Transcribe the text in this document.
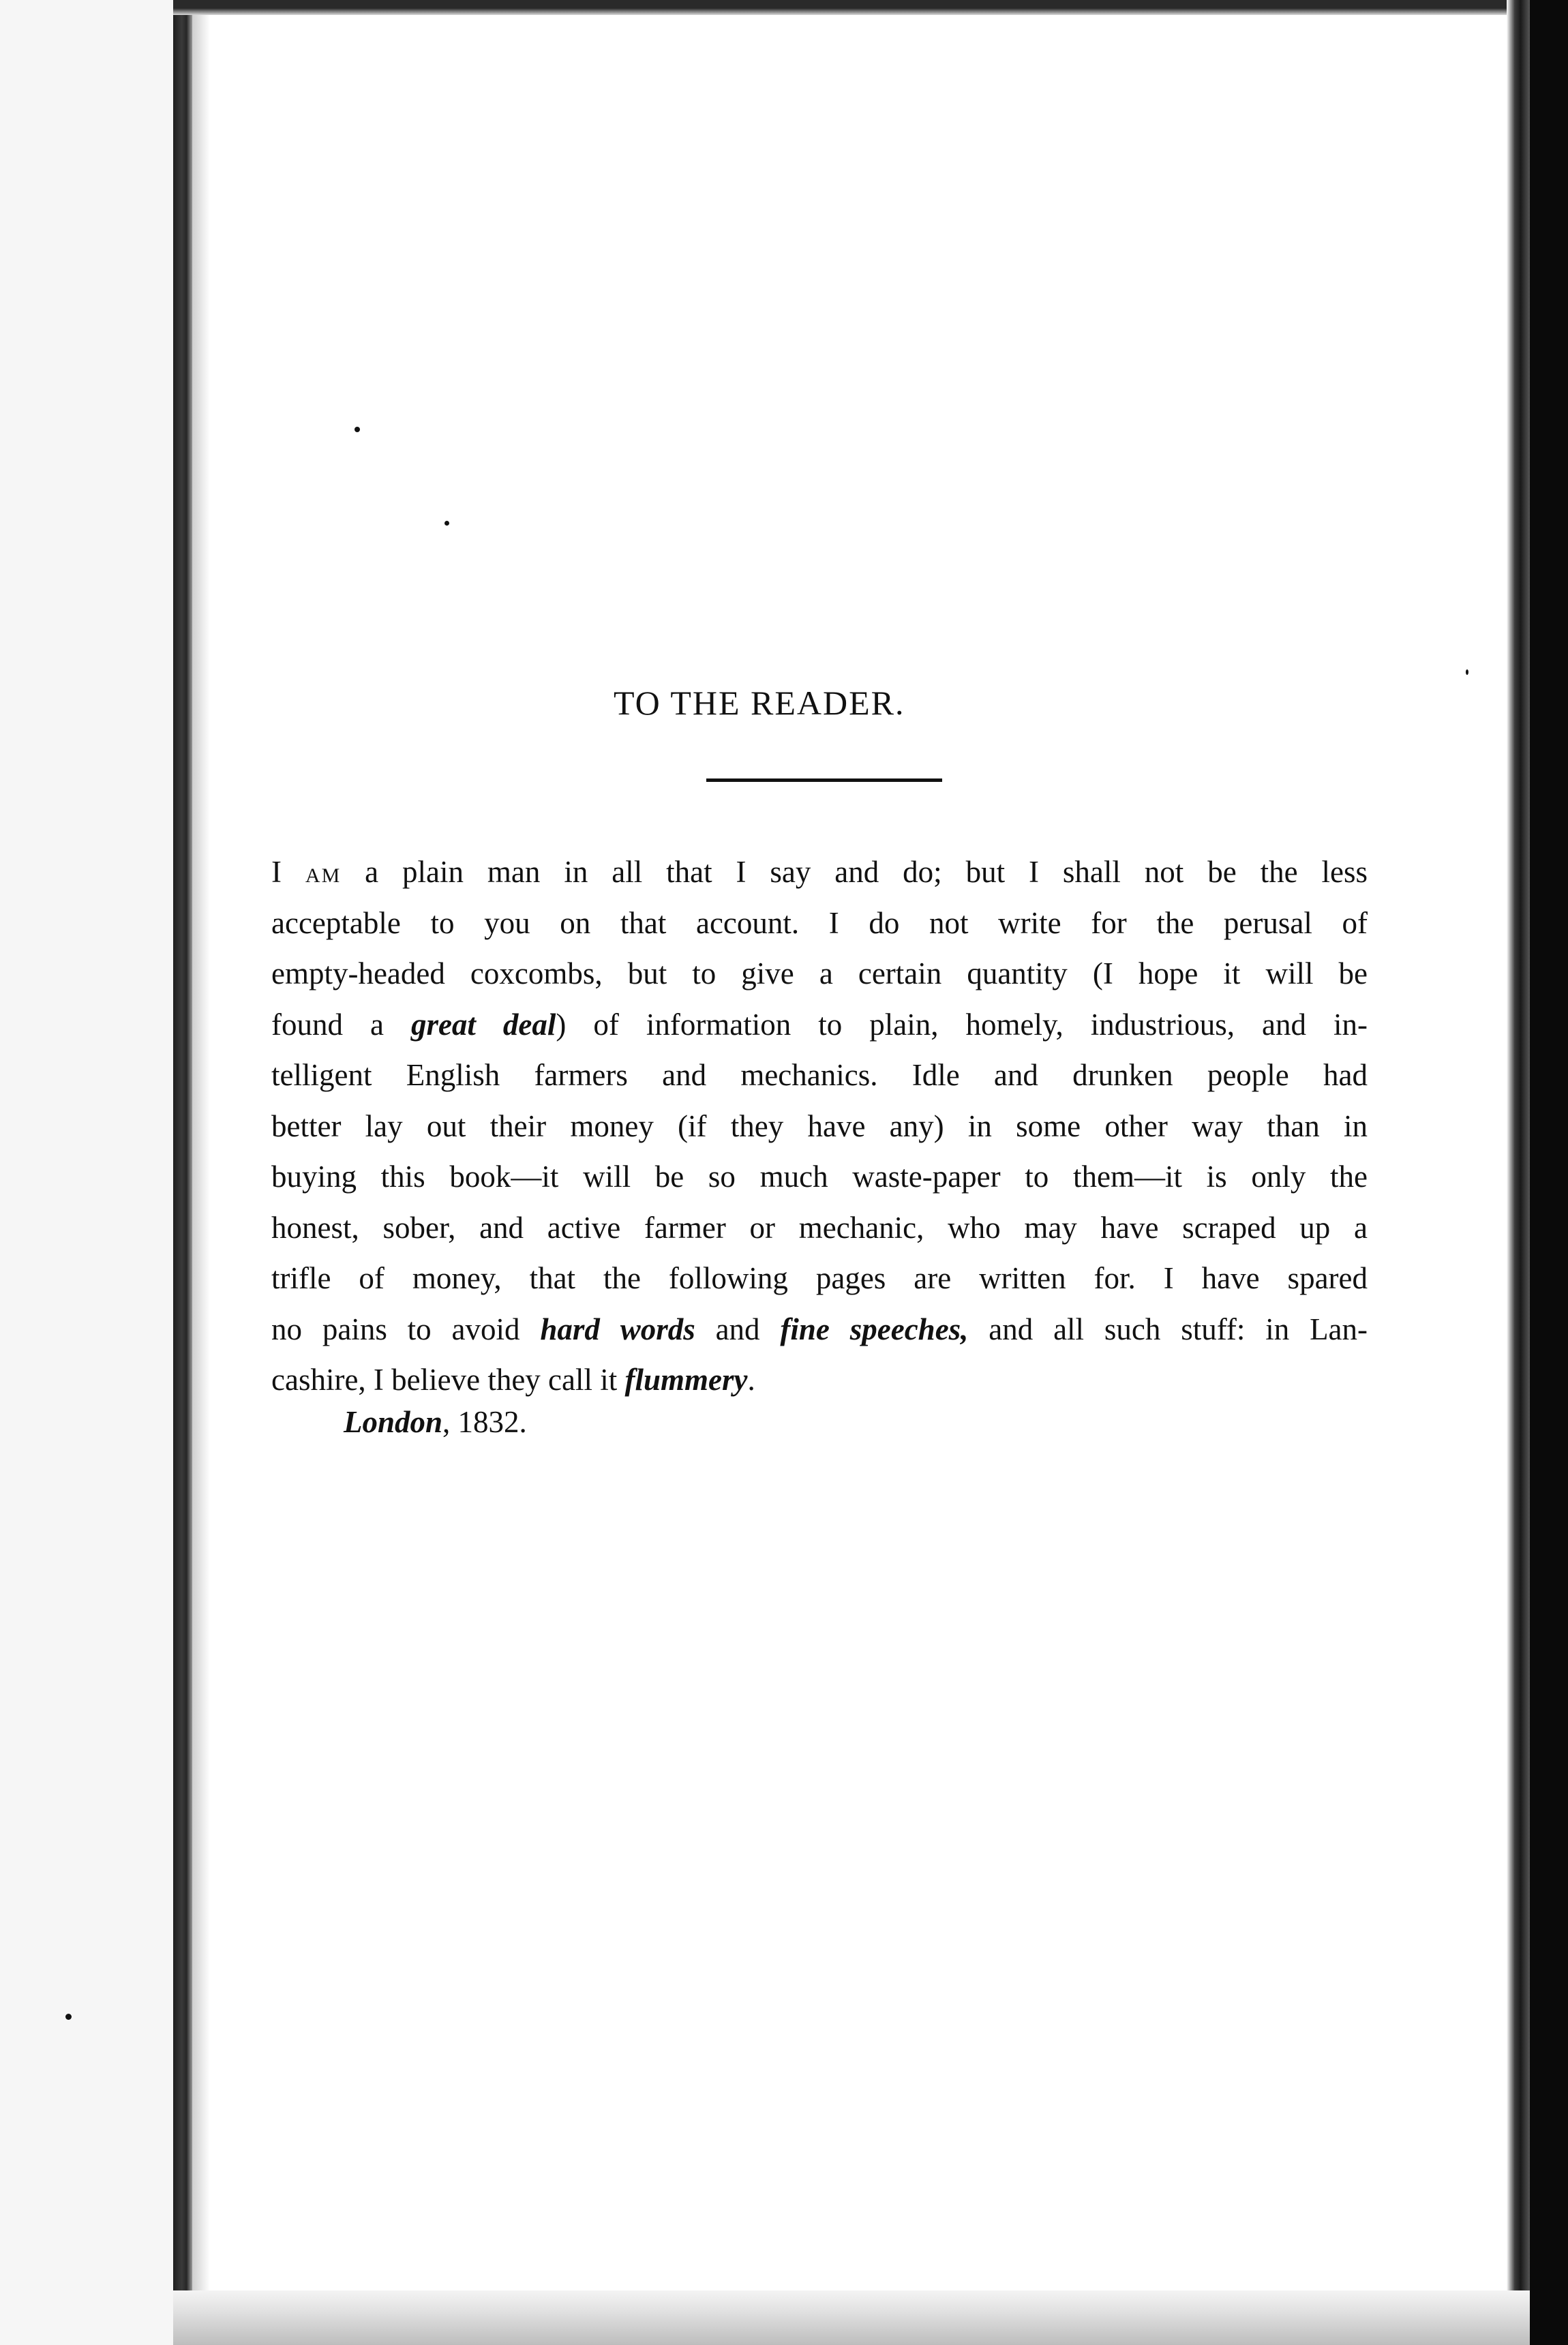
TO THE READER.
I AM a plain man in all that I say and do; but I shall not be the less
acceptable to you on that account. I do not write for the perusal of
empty-headed coxcombs, but to give a certain quantity (I hope it will be
found a great deal) of information to plain, homely, industrious, and in-
telligent English farmers and mechanics. Idle and drunken people had
better lay out their money (if they have any) in some other way than in
buying this book—it will be so much waste-paper to them—it is only the
honest, sober, and active farmer or mechanic, who may have scraped up a
trifle of money, that the following pages are written for. I have spared
no pains to avoid hard words and fine speeches, and all such stuff: in Lan-
cashire, I believe they call it flummery.
London, 1832.
